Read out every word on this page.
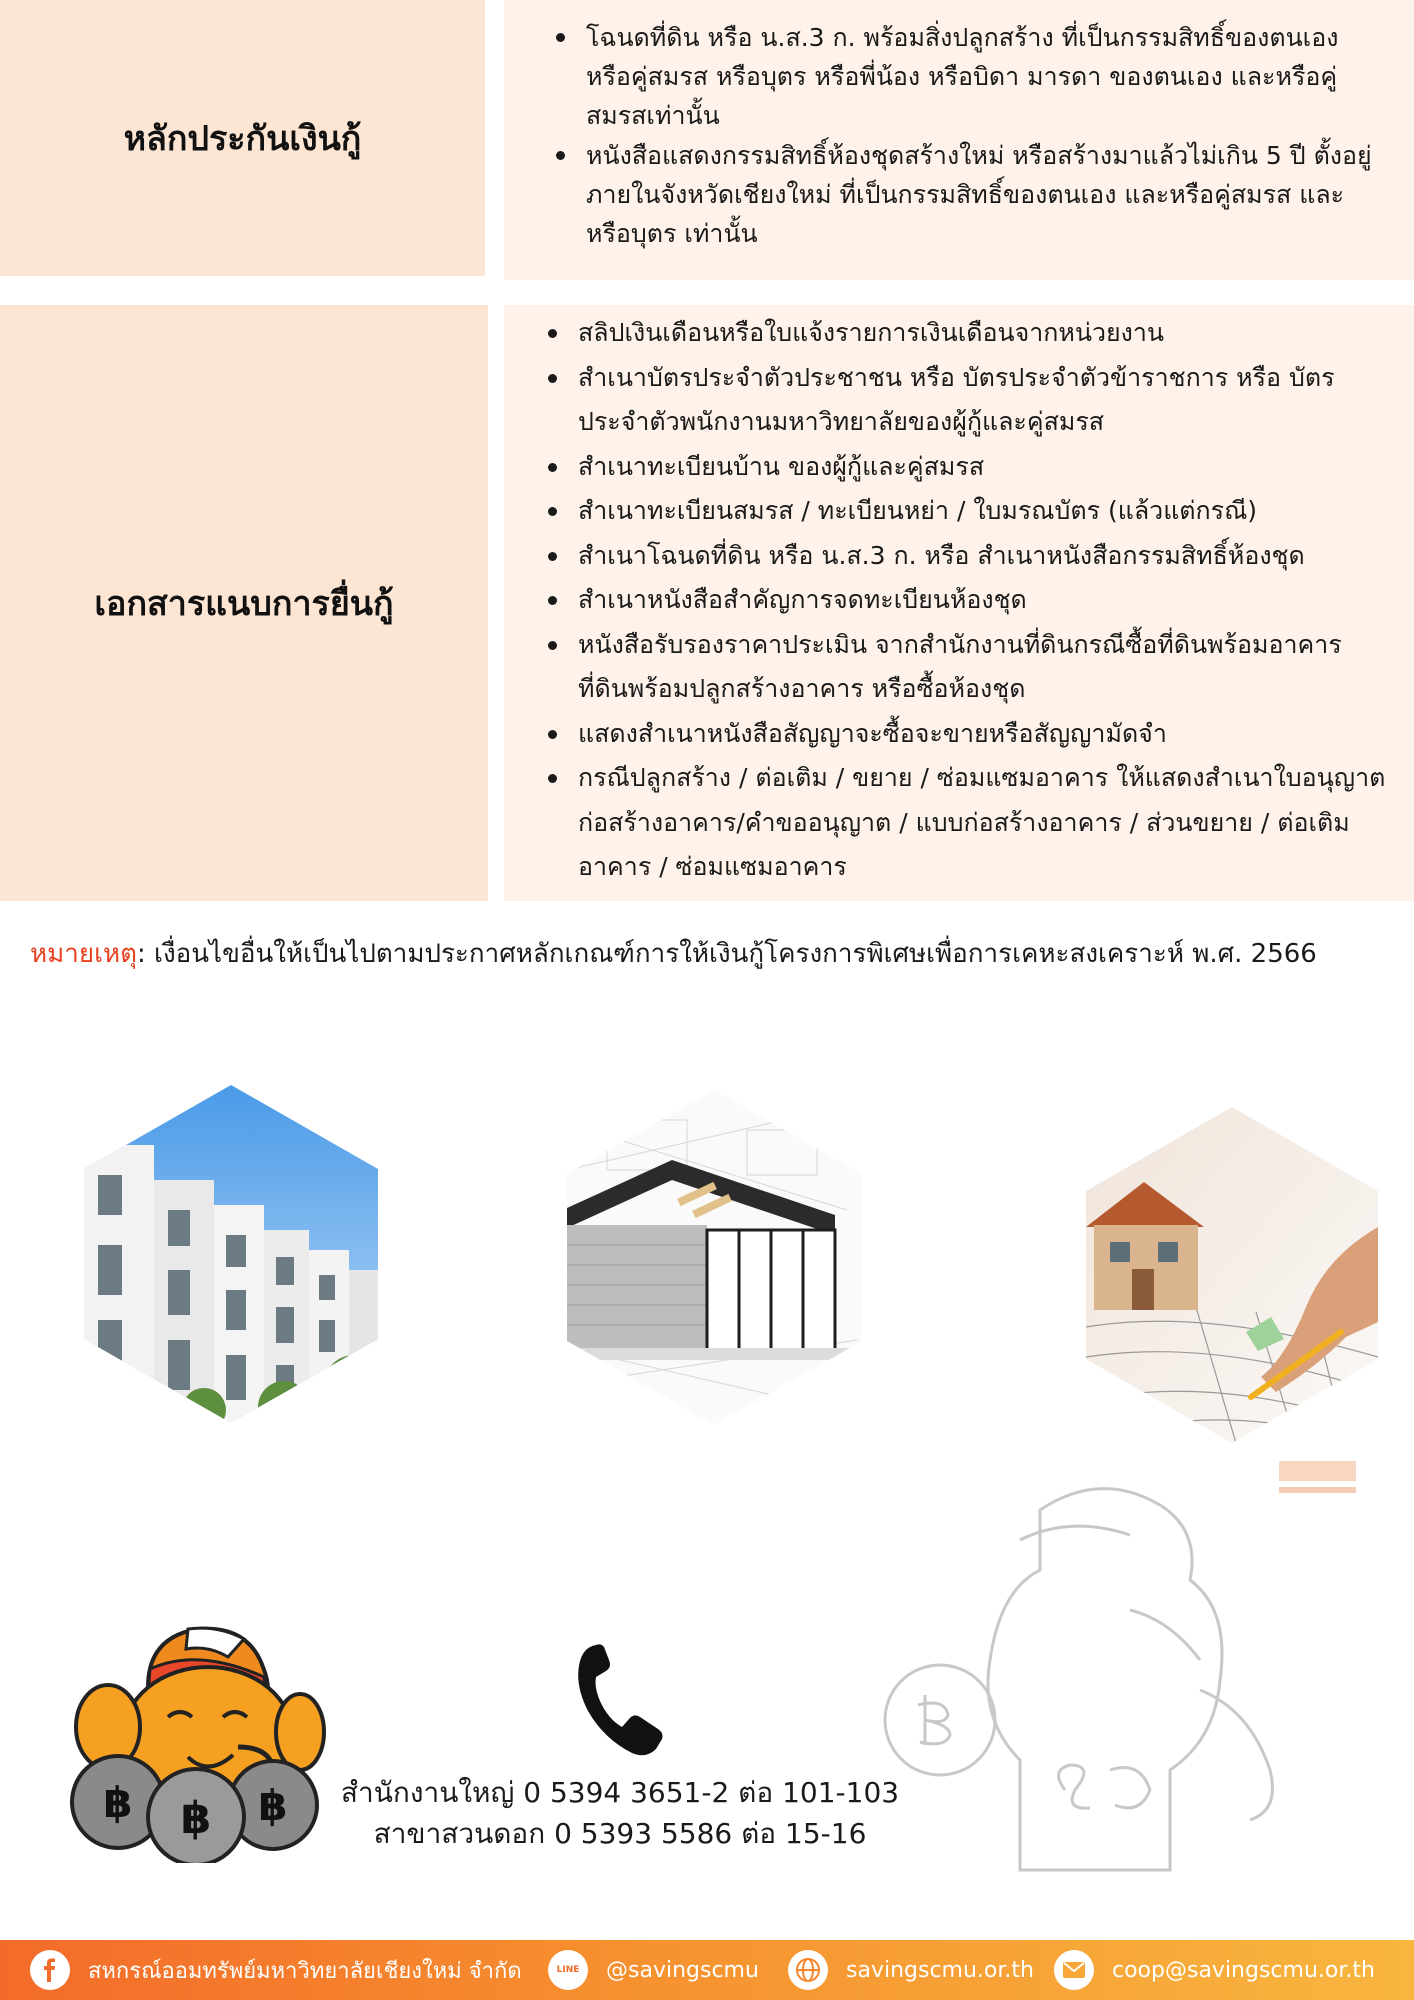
หลักประกันเงินกู้
โฉนดที่ดิน หรือ น.ส.3 ก. พร้อมสิ่งปลูกสร้าง ที่เป็นกรรมสิทธิ์ของตนเอง หรือคู่สมรส หรือบุตร หรือพี่น้อง หรือบิดา มารดา ของตนเอง และหรือคู่สมรสเท่านั้น
หนังสือแสดงกรรมสิทธิ์ห้องชุดสร้างใหม่ หรือสร้างมาแล้วไม่เกิน 5 ปี ตั้งอยู่ภายในจังหวัดเชียงใหม่ ที่เป็นกรรมสิทธิ์ของตนเอง และหรือคู่สมรส และหรือบุตร เท่านั้น
เอกสารแนบการยื่นกู้
สลิปเงินเดือนหรือใบแจ้งรายการเงินเดือนจากหน่วยงาน
สำเนาบัตรประจำตัวประชาชน หรือ บัตรประจำตัวข้าราชการ หรือ บัตรประจำตัวพนักงานมหาวิทยาลัยของผู้กู้และคู่สมรส
สำเนาทะเบียนบ้าน ของผู้กู้และคู่สมรส
สำเนาทะเบียนสมรส / ทะเบียนหย่า / ใบมรณบัตร (แล้วแต่กรณี)
สำเนาโฉนดที่ดิน หรือ น.ส.3 ก. หรือ สำเนาหนังสือกรรมสิทธิ์ห้องชุด
สำเนาหนังสือสำคัญการจดทะเบียนห้องชุด
หนังสือรับรองราคาประเมิน จากสำนักงานที่ดินกรณีซื้อที่ดินพร้อมอาคาร ที่ดินพร้อมปลูกสร้างอาคาร หรือซื้อห้องชุด
แสดงสำเนาหนังสือสัญญาจะซื้อจะขายหรือสัญญามัดจำ
กรณีปลูกสร้าง / ต่อเติม / ขยาย / ซ่อมแซมอาคาร ให้แสดงสำเนาใบอนุญาตก่อสร้างอาคาร/คำขออนุญาต / แบบก่อสร้างอาคาร / ส่วนขยาย / ต่อเติมอาคาร / ซ่อมแซมอาคาร
หมายเหตุ: เงื่อนไขอื่นให้เป็นไปตามประกาศหลักเกณฑ์การให้เงินกู้โครงการพิเศษเพื่อการเคหะสงเคราะห์ พ.ศ. 2566
฿ ฿ ฿ สำนักงานใหญ่ 0 5394 3651-2 ต่อ 101-103
สาขาสวนดอก 0 5393 5586 ต่อ 15-16
สหกรณ์ออมทรัพย์มหาวิทยาลัยเชียงใหม่ จำกัด	LINE @savingscmu	savingscmu.or.th	coop@savingscmu.or.th
